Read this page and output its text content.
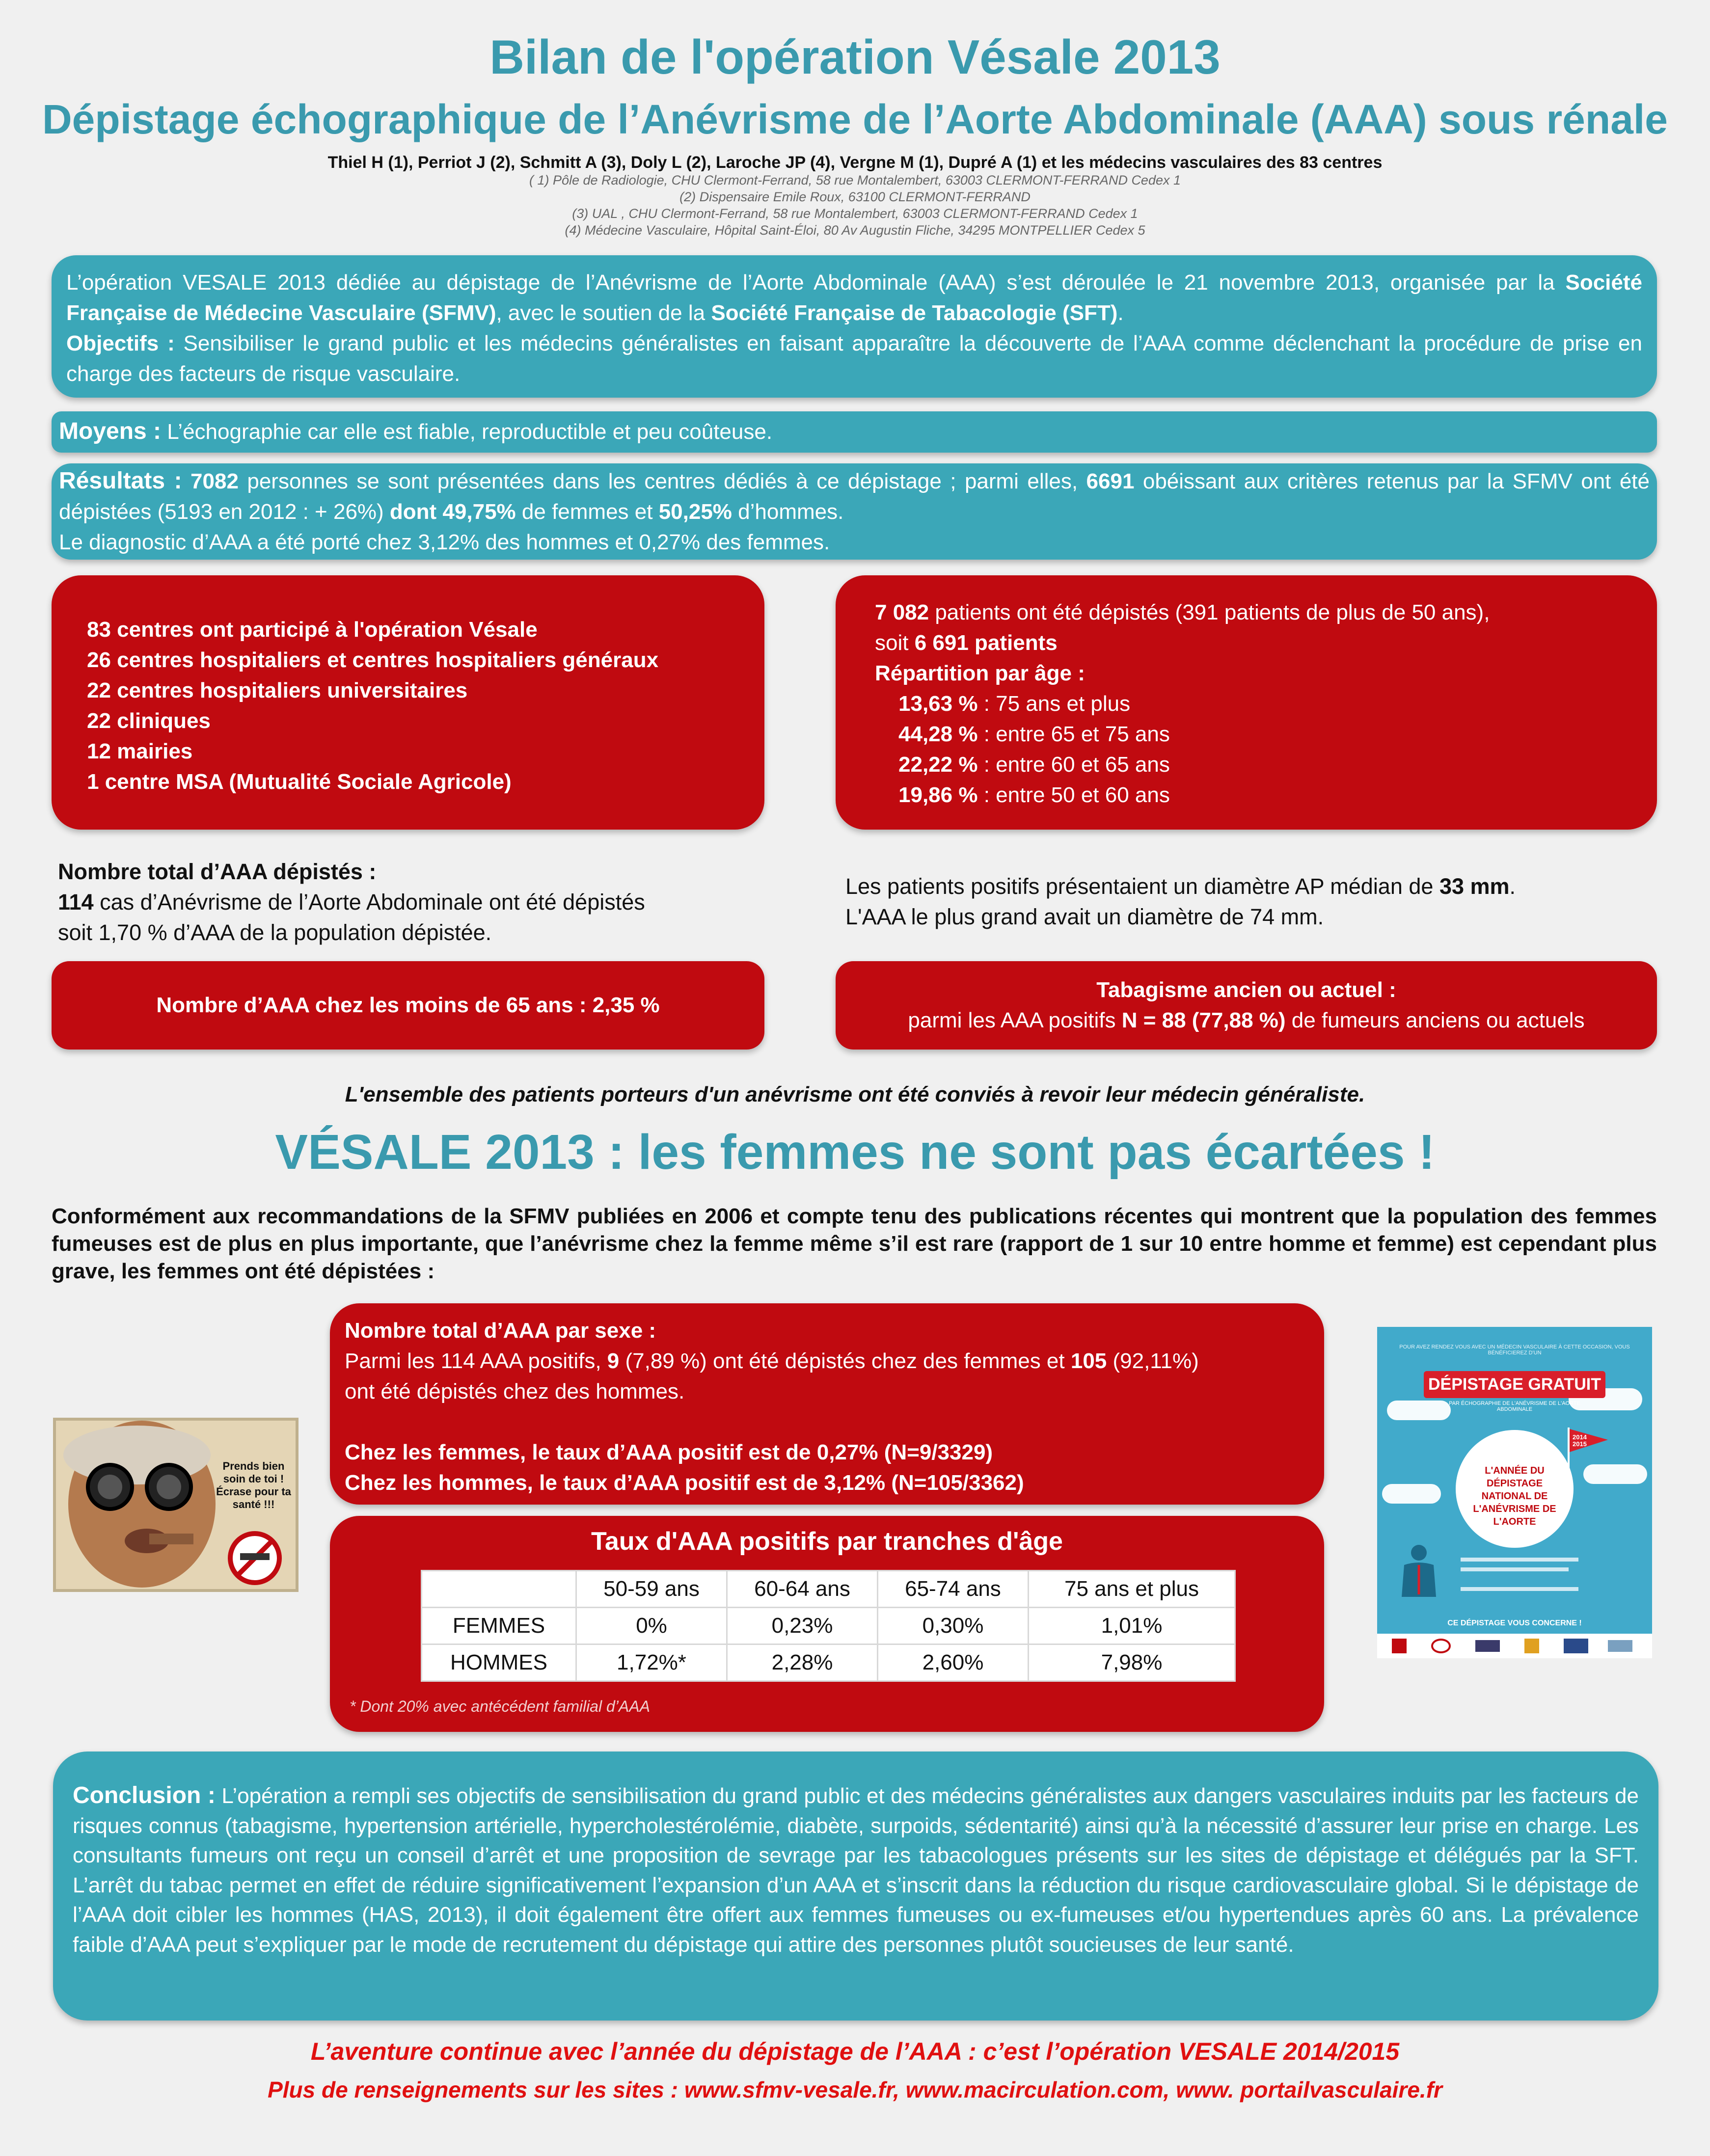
Bilan de l'opération Vésale 2013
Dépistage échographique de l’Anévrisme de l’Aorte Abdominale (AAA) sous rénale
Thiel H (1), Perriot J (2), Schmitt A (3), Doly L (2), Laroche JP (4), Vergne M (1), Dupré A (1) et les médecins vasculaires des 83 centres
( 1) Pôle de Radiologie, CHU Clermont-Ferrand, 58 rue Montalembert, 63003 CLERMONT-FERRAND Cedex 1
(2) Dispensaire Emile Roux, 63100 CLERMONT-FERRAND
(3) UAL , CHU Clermont-Ferrand, 58 rue Montalembert, 63003 CLERMONT-FERRAND Cedex 1
(4) Médecine Vasculaire, Hôpital Saint-Éloi, 80 Av Augustin Fliche, 34295 MONTPELLIER Cedex 5
L’opération VESALE 2013 dédiée au dépistage de l’Anévrisme de l’Aorte Abdominale (AAA) s’est déroulée le 21 novembre 2013, organisée par la Société Française de Médecine Vasculaire (SFMV), avec le soutien de la Société Française de Tabacologie (SFT).
Objectifs : Sensibiliser le grand public et les médecins généralistes en faisant apparaître la découverte de l’AAA comme déclenchant la procédure de prise en charge des facteurs de risque vasculaire.
Moyens : L’échographie car elle est fiable, reproductible et peu coûteuse.
Résultats : 7082 personnes se sont présentées dans les centres dédiés à ce dépistage ; parmi elles, 6691 obéissant aux critères retenus par la SFMV ont été dépistées (5193 en 2012 : + 26%) dont 49,75% de femmes et 50,25% d’hommes.
Le diagnostic d’AAA a été porté chez 3,12% des hommes et 0,27% des femmes.
83 centres ont participé à l'opération Vésale
26 centres hospitaliers et centres hospitaliers généraux
22 centres hospitaliers universitaires
22 cliniques
12 mairies
1 centre MSA (Mutualité Sociale Agricole)
7 082 patients ont été dépistés (391 patients de plus de 50 ans),
soit 6 691 patients
Répartition par âge :
13,63 % : 75 ans et plus
44,28 % : entre 65 et 75 ans
22,22 % : entre 60 et 65 ans
19,86 % : entre 50 et 60 ans
Nombre total d’AAA dépistés :
114 cas d’Anévrisme de l’Aorte Abdominale ont été dépistés
soit 1,70 % d’AAA de la population dépistée.
Les patients positifs présentaient un diamètre AP médian de 33 mm.
L'AAA le plus grand avait un diamètre de 74 mm.
Nombre d’AAA chez les moins de 65 ans : 2,35 %
Tabagisme ancien ou actuel :
parmi les AAA positifs N = 88 (77,88 %) de fumeurs anciens ou actuels
L'ensemble des patients porteurs d'un anévrisme ont été conviés à revoir leur médecin généraliste.
VÉSALE 2013 : les femmes ne sont pas écartées !
Conformément aux recommandations de la SFMV publiées en 2006 et compte tenu des publications récentes qui montrent que la population des femmes fumeuses est de plus en plus importante, que l’anévrisme chez la femme même s’il est rare (rapport de 1 sur 10 entre homme et femme) est cependant plus grave, les femmes ont été dépistées :
Prends bien soin de toi ! Écrase pour ta santé !!!
Nombre total d’AAA par sexe :
Parmi les 114 AAA positifs, 9 (7,89 %) ont été dépistés chez des femmes et 105 (92,11%)
ont été dépistés chez des hommes.
Chez les femmes, le taux d’AAA positif est de 0,27% (N=9/3329)
Chez les hommes, le taux d’AAA positif est de 3,12% (N=105/3362)
Taux d'AAA positifs par tranches d'âge
	50-59 ans	60-64 ans	65-74 ans	75 ans et plus
FEMMES	0%	0,23%	0,30%	1,01%
HOMMES	1,72%*	2,28%	2,60%	7,98%
* Dont 20% avec antécédent familial d’AAA
POUR AVEZ RENDEZ VOUS AVEC UN MÉDECIN VASCULAIRE À CETTE OCCASION, VOUS BÉNÉFICIEREZ D'UN
DÉPISTAGE GRATUIT
PAR ÉCHOGRAPHIE DE L'ANÉVRISME DE L'AORTE ABDOMINALE
L'ANNÉE DU DÉPISTAGE NATIONAL DE L'ANÉVRISME DE L'AORTE
2014 2015
CE DÉPISTAGE VOUS CONCERNE !
Conclusion : L’opération a rempli ses objectifs de sensibilisation du grand public et des médecins généralistes aux dangers vasculaires induits par les facteurs de risques connus (tabagisme, hypertension artérielle, hypercholestérolémie, diabète, surpoids, sédentarité) ainsi qu’à la nécessité d’assurer leur prise en charge. Les consultants fumeurs ont reçu un conseil d’arrêt et une proposition de sevrage par les tabacologues présents sur les sites de dépistage et délégués par la SFT. L’arrêt du tabac permet en effet de réduire significativement l’expansion d’un AAA et s’inscrit dans la réduction du risque cardiovasculaire global. Si le dépistage de l’AAA doit cibler les hommes (HAS, 2013), il doit également être offert aux femmes fumeuses ou ex-fumeuses et/ou hypertendues après 60 ans. La prévalence faible d’AAA peut s’expliquer par le mode de recrutement du dépistage qui attire des personnes plutôt soucieuses de leur santé.
L’aventure continue avec l’année du dépistage de l’AAA : c’est l’opération VESALE 2014/2015
Plus de renseignements sur les sites : www.sfmv-vesale.fr, www.macirculation.com, www. portailvasculaire.fr
